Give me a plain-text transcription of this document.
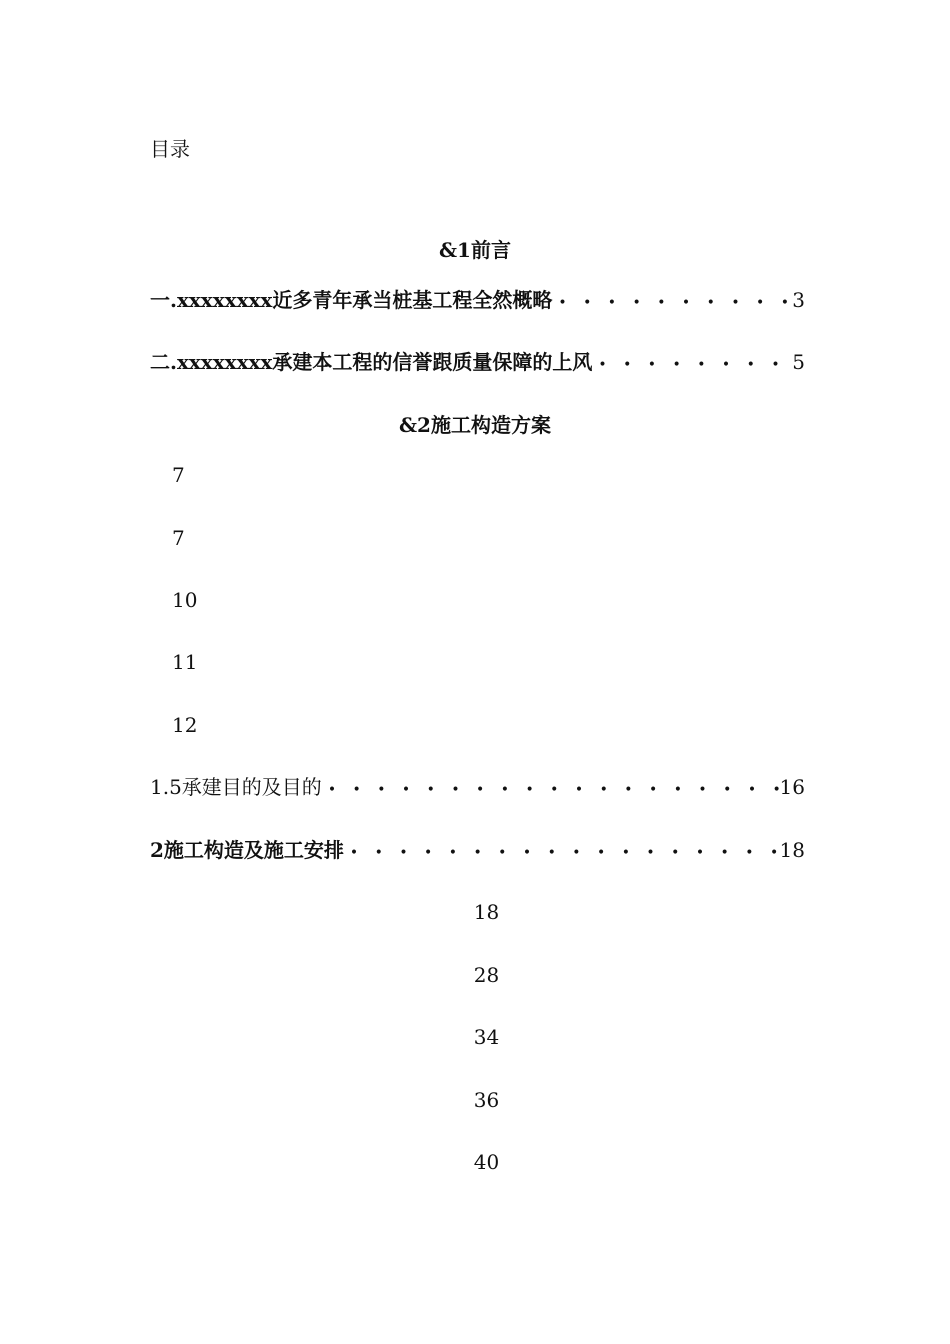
目录
&1前言
一.xxxxxxxx近多青年承当桩基工程全然概略 • • •	3
二.xxxxxxxx承建本工程的信誉跟质量保障的上风 • • •	5
&2施工构造方案
7
7
10
11
12
1.5承建目的及目的 • • •	16
2施工构造及施工安排 • • •	18
18
28
34
36
40
